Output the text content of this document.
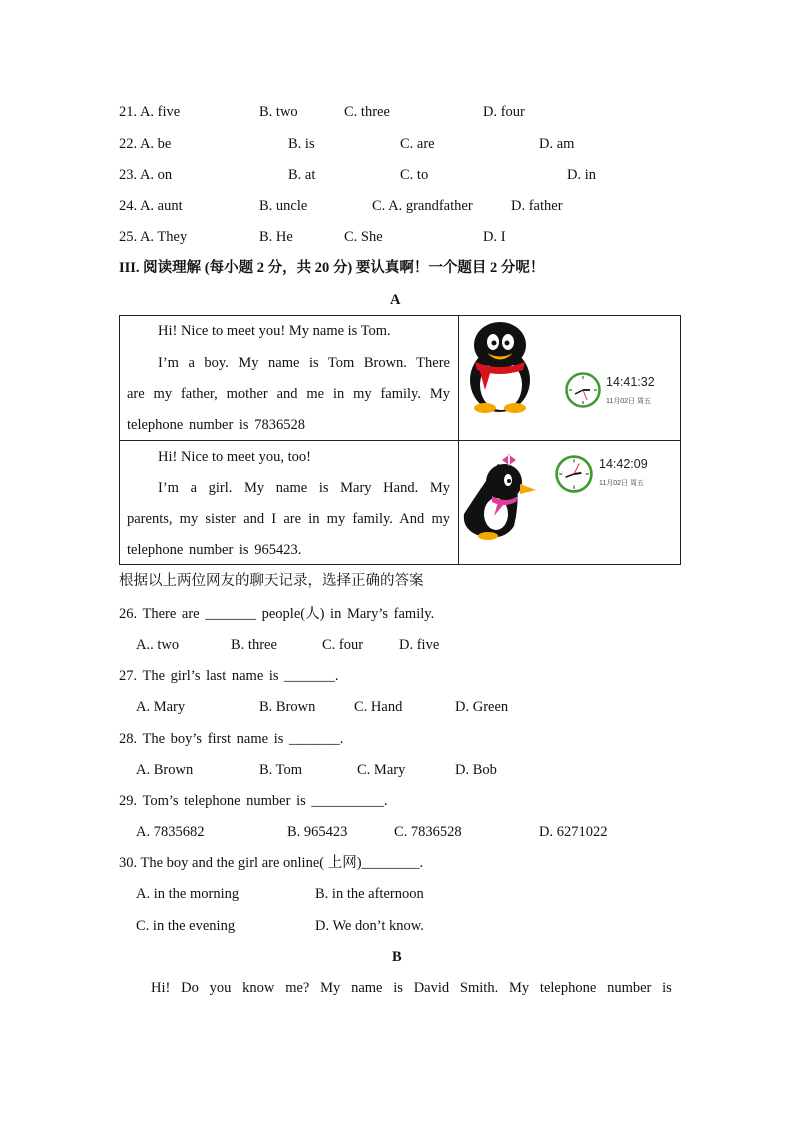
21. A. five	B. two	C. three	D. four
22. A. be	B. is	C. are	D. am
23. A. on	B. at	C. to	D. in
24. A. aunt	B. uncle	C. A. grandfather	D. father
25. A. They	B. He	C. She	D. I
III. 阅读理解 (每小题 2 分，共 20 分) 要认真啊！一个题目 2 分呢！
A
Hi! Nice to meet you! My name is Tom.
I’m a boy. My name is Tom Brown. There
are my father, mother and me in my family. My
telephone number is 7836528
Hi! Nice to meet you, too!
I’m a girl. My name is Mary Hand. My
parents, my sister and I are in my family. And my
telephone number is 965423.
14:41:32
11月02日 周五
14:42:09
11月02日 周五
根据以上两位网友的聊天记录，选择正确的答案
26. There are _______ people(人) in Mary’s family.
A.. two	B. three	C. four D. five
27. The girl’s last name is _______.
A. Mary	B. Brown	C. Hand	D. Green
28. The boy’s first name is _______.
A. Brown	B. Tom	C. Mary	D. Bob
29. Tom’s telephone number is __________.
A. 7835682	B. 965423	C. 7836528	D. 6271022
30. The boy and the girl are online( 上网)________.
A. in the morning	B. in the afternoon
C. in the evening	D. We don’t know.
B
Hi! Do you know me? My name is David Smith. My telephone number is
